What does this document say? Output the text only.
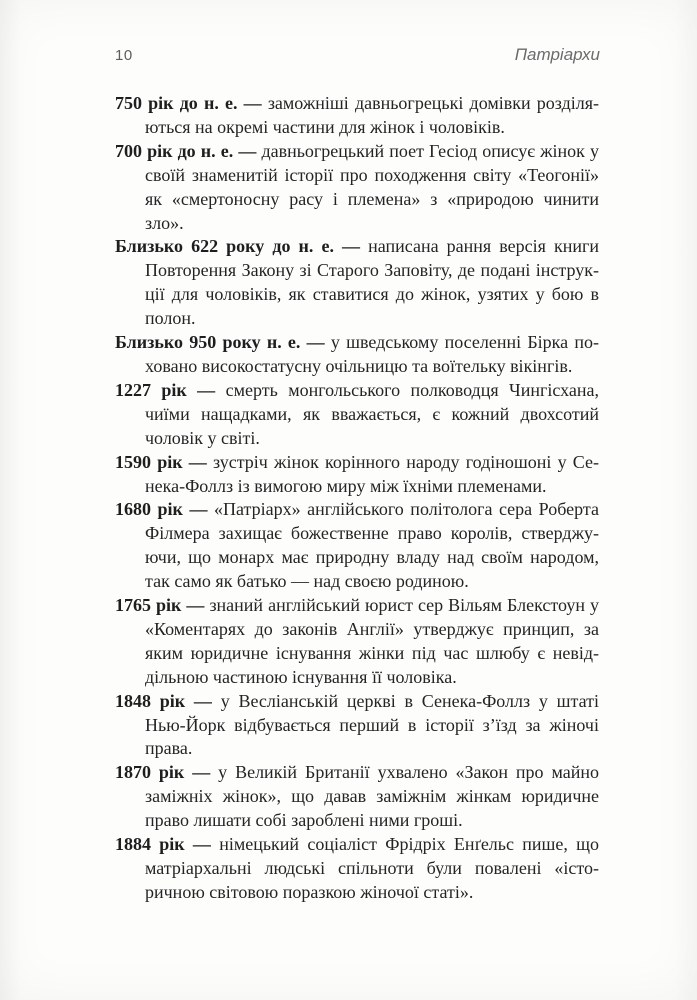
10	Патріархи

750 рік до н. е. — заможніші давньогрецькі домівки розділяються на окремі частини для жінок і чоловіків.

700 рік до н. е. — давньогрецький поет Гесіод описує жінок у своїй знаменитій історії про походження світу «Теогонії» як «смертоносну расу і племена» з «природою чинити зло».

Близько 622 року до н. е. — написана рання версія книги Повторення Закону зі Старого Заповіту, де подані інструкції для чоловіків, як ставитися до жінок, узятих у бою в полон.

Близько 950 року н. е. — у шведському поселенні Бірка поховано високостатусну очільницю та воїтельку вікінгів.

1227 рік — смерть монгольського полководця Чингісхана, чиїми нащадками, як вважається, є кожний двохсотий чоловік у світі.

1590 рік — зустріч жінок корінного народу годіношоні у Сенека-Фоллз із вимогою миру між їхніми племенами.

1680 рік — «Патріарх» англійського політолога сера Роберта Філмера захищає божественне право королів, стверджуючи, що монарх має природну владу над своїм народом, так само як батько — над своєю родиною.

1765 рік — знаний англійський юрист сер Вільям Блекстоун у «Коментарях до законів Англії» утверджує принцип, за яким юридичне існування жінки під час шлюбу є невіддільною частиною існування її чоловіка.

1848 рік — у Весліанській церкві в Сенека-Фоллз у штаті Нью-Йорк відбувається перший в історії з’їзд за жіночі права.

1870 рік — у Великій Британії ухвалено «Закон про майно заміжніх жінок», що давав заміжнім жінкам юридичне право лишати собі зароблені ними гроші.

1884 рік — німецький соціаліст Фрідріх Енґельс пише, що матріархальні людські спільноти були повалені «історичною світовою поразкою жіночої статі».
